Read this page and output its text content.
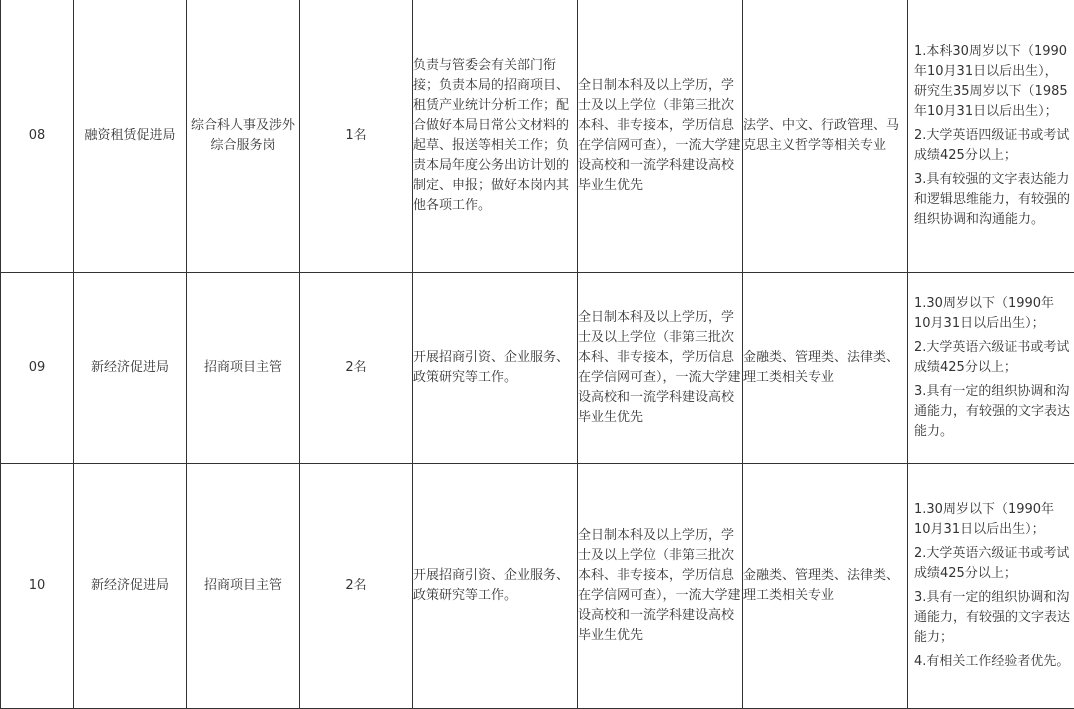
08	融资租赁促进局	综合科人事及涉外综合服务岗	1名	负责与管委会有关部门衔接；负责本局的招商项目、租赁产业统计分析工作；配合做好本局日常公文材料的起草、报送等相关工作；负责本局年度公务出访计划的制定、申报；做好本岗内其他各项工作。	全日制本科及以上学历，学士及以上学位（非第三批次本科、非专接本，学历信息在学信网可查），一流大学建设高校和一流学科建设高校毕业生优先	法学、中文、行政管理、马克思主义哲学等相关专业	1.本科30周岁以下（1990年10月31日以后出生），研究生35周岁以下（1985年10月31日以后出生）；
2.大学英语四级证书或考试成绩425分以上；
3.具有较强的文字表达能力和逻辑思维能力，有较强的组织协调和沟通能力。

09	新经济促进局	招商项目主管	2名	开展招商引资、企业服务、政策研究等工作。	全日制本科及以上学历，学士及以上学位（非第三批次本科、非专接本，学历信息在学信网可查），一流大学建设高校和一流学科建设高校毕业生优先	金融类、管理类、法律类、理工类相关专业	1.30周岁以下（1990年10月31日以后出生）；
2.大学英语六级证书或考试成绩425分以上；
3.具有一定的组织协调和沟通能力，有较强的文字表达能力。

10	新经济促进局	招商项目主管	2名	开展招商引资、企业服务、政策研究等工作。	全日制本科及以上学历，学士及以上学位（非第三批次本科、非专接本，学历信息在学信网可查），一流大学建设高校和一流学科建设高校毕业生优先	金融类、管理类、法律类、理工类相关专业	1.30周岁以下（1990年10月31日以后出生）；
2.大学英语六级证书或考试成绩425分以上；
3.具有一定的组织协调和沟通能力，有较强的文字表达能力；
4.有相关工作经验者优先。
